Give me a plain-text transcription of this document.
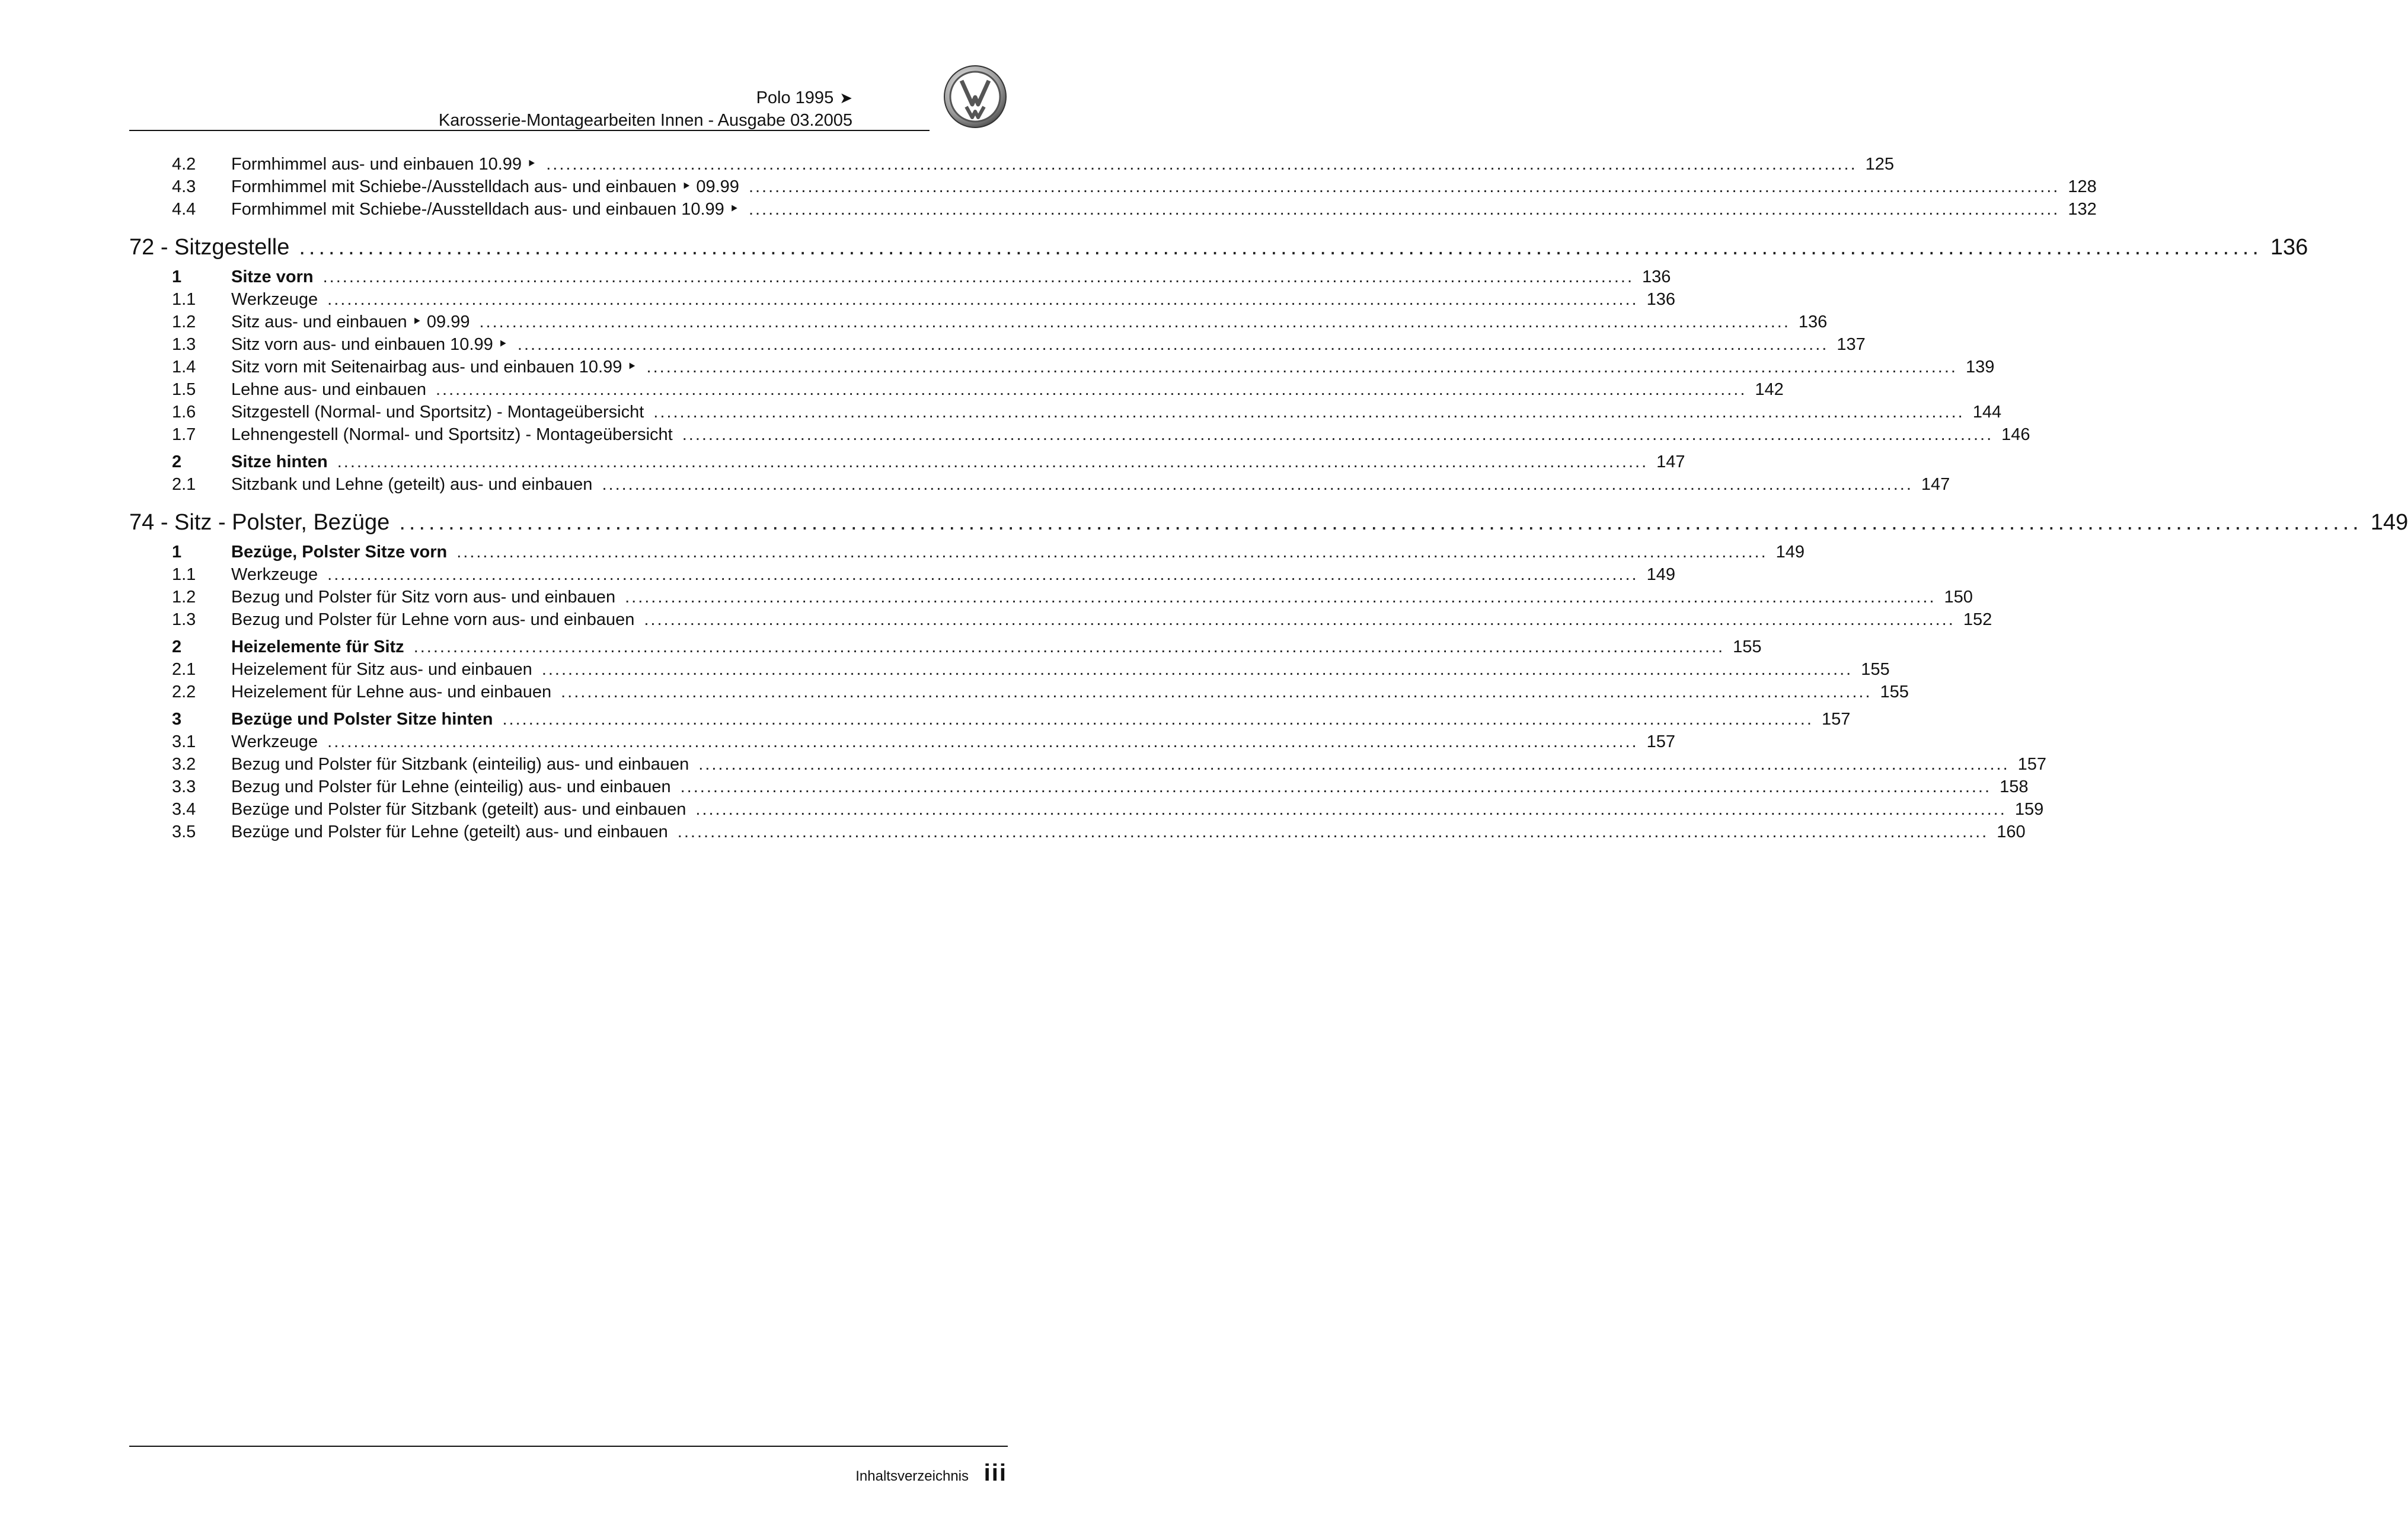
Polo 1995 ➤
Karosserie-Montagearbeiten Innen - Ausgabe 03.2005
4.2	Formhimmel aus- und einbauen 10.99 ‣ ........................................................................................................................................................................................................ 125
4.3	Formhimmel mit Schiebe-/Ausstelldach aus- und einbauen ‣ 09.99 ........................................................................................................................................................................................................ 128
4.4	Formhimmel mit Schiebe-/Ausstelldach aus- und einbauen 10.99 ‣ ........................................................................................................................................................................................................ 132
72 - Sitzgestelle ........................................................................................................................................................................................................ 136
1	Sitze vorn ........................................................................................................................................................................................................ 136
1.1	Werkzeuge ........................................................................................................................................................................................................ 136
1.2	Sitz aus- und einbauen ‣ 09.99 ........................................................................................................................................................................................................ 136
1.3	Sitz vorn aus- und einbauen 10.99 ‣ ........................................................................................................................................................................................................ 137
1.4	Sitz vorn mit Seitenairbag aus- und einbauen 10.99 ‣ ........................................................................................................................................................................................................ 139
1.5	Lehne aus- und einbauen ........................................................................................................................................................................................................ 142
1.6	Sitzgestell (Normal- und Sportsitz) - Montageübersicht ........................................................................................................................................................................................................ 144
1.7	Lehnengestell (Normal- und Sportsitz) - Montageübersicht ........................................................................................................................................................................................................ 146
2	Sitze hinten ........................................................................................................................................................................................................ 147
2.1	Sitzbank und Lehne (geteilt) aus- und einbauen ........................................................................................................................................................................................................ 147
74 - Sitz - Polster, Bezüge ........................................................................................................................................................................................................ 149
1	Bezüge, Polster Sitze vorn ........................................................................................................................................................................................................ 149
1.1	Werkzeuge ........................................................................................................................................................................................................ 149
1.2	Bezug und Polster für Sitz vorn aus- und einbauen ........................................................................................................................................................................................................ 150
1.3	Bezug und Polster für Lehne vorn aus- und einbauen ........................................................................................................................................................................................................ 152
2	Heizelemente für Sitz ........................................................................................................................................................................................................ 155
2.1	Heizelement für Sitz aus- und einbauen ........................................................................................................................................................................................................ 155
2.2	Heizelement für Lehne aus- und einbauen ........................................................................................................................................................................................................ 155
3	Bezüge und Polster Sitze hinten ........................................................................................................................................................................................................ 157
3.1	Werkzeuge ........................................................................................................................................................................................................ 157
3.2	Bezug und Polster für Sitzbank (einteilig) aus- und einbauen ........................................................................................................................................................................................................ 157
3.3	Bezug und Polster für Lehne (einteilig) aus- und einbauen ........................................................................................................................................................................................................ 158
3.4	Bezüge und Polster für Sitzbank (geteilt) aus- und einbauen ........................................................................................................................................................................................................ 159
3.5	Bezüge und Polster für Lehne (geteilt) aus- und einbauen ........................................................................................................................................................................................................ 160
Inhaltsverzeichnis iii
